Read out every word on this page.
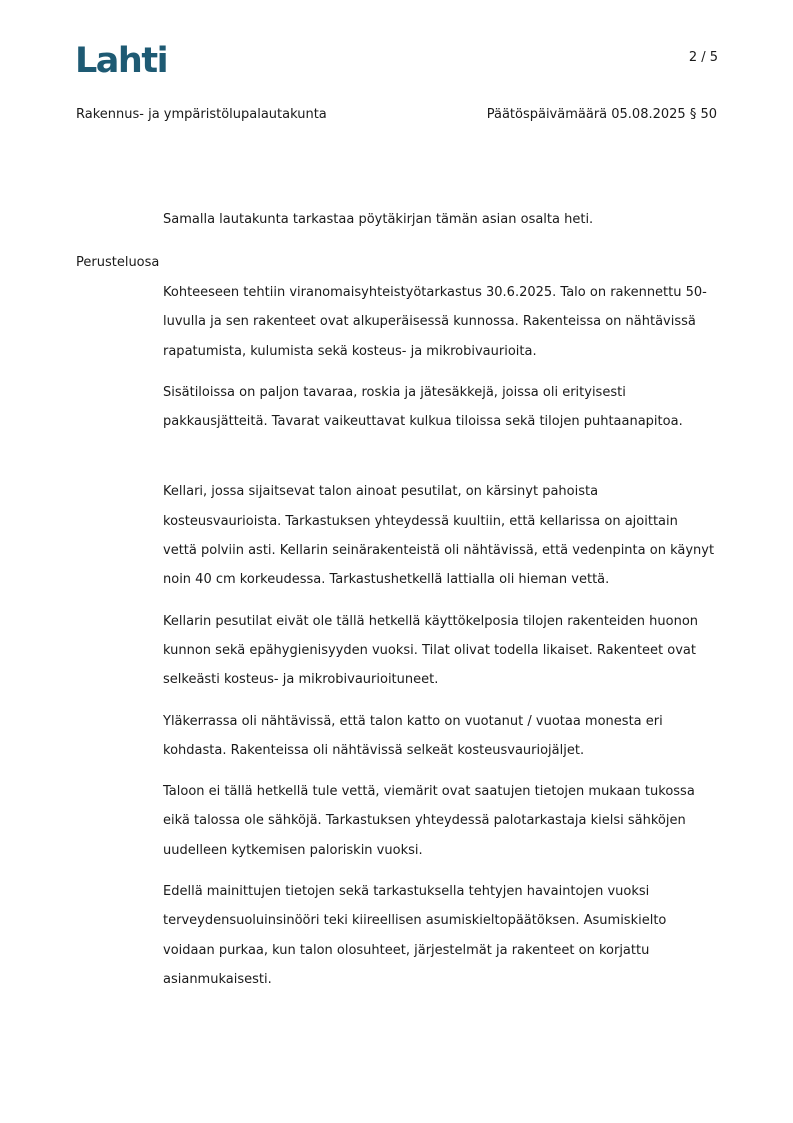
Lahti	2 / 5
Rakennus- ja ympäristölupalautakunta	Päätöspäivämäärä 05.08.2025 § 50
Samalla lautakunta tarkastaa pöytäkirjan tämän asian osalta heti.
Perusteluosa

Kohteeseen tehtiin viranomaisyhteistyötarkastus 30.6.2025. Talo on rakennettu 50-
luvulla ja sen rakenteet ovat alkuperäisessä kunnossa. Rakenteissa on nähtävissä
rapatumista, kulumista sekä kosteus- ja mikrobivaurioita.

Sisätiloissa on paljon tavaraa, roskia ja jätesäkkejä, joissa oli erityisesti
pakkausjätteitä. Tavarat vaikeuttavat kulkua tiloissa sekä tilojen puhtaanapitoa.

Kellari, jossa sijaitsevat talon ainoat pesutilat, on kärsinyt pahoista
kosteusvaurioista. Tarkastuksen yhteydessä kuultiin, että kellarissa on ajoittain
vettä polviin asti. Kellarin seinärakenteistä oli nähtävissä, että vedenpinta on käynyt
noin 40 cm korkeudessa. Tarkastushetkellä lattialla oli hieman vettä.

Kellarin pesutilat eivät ole tällä hetkellä käyttökelposia tilojen rakenteiden huonon
kunnon sekä epähygienisyyden vuoksi. Tilat olivat todella likaiset. Rakenteet ovat
selkeästi kosteus- ja mikrobivaurioituneet.

Yläkerrassa oli nähtävissä, että talon katto on vuotanut / vuotaa monesta eri
kohdasta. Rakenteissa oli nähtävissä selkeät kosteusvauriojäljet.

Taloon ei tällä hetkellä tule vettä, viemärit ovat saatujen tietojen mukaan tukossa
eikä talossa ole sähköjä. Tarkastuksen yhteydessä palotarkastaja kielsi sähköjen
uudelleen kytkemisen paloriskin vuoksi.

Edellä mainittujen tietojen sekä tarkastuksella tehtyjen havaintojen vuoksi
terveydensuoluinsinööri teki kiireellisen asumiskieltopäätöksen. Asumiskielto
voidaan purkaa, kun talon olosuhteet, järjestelmät ja rakenteet on korjattu
asianmukaisesti.
